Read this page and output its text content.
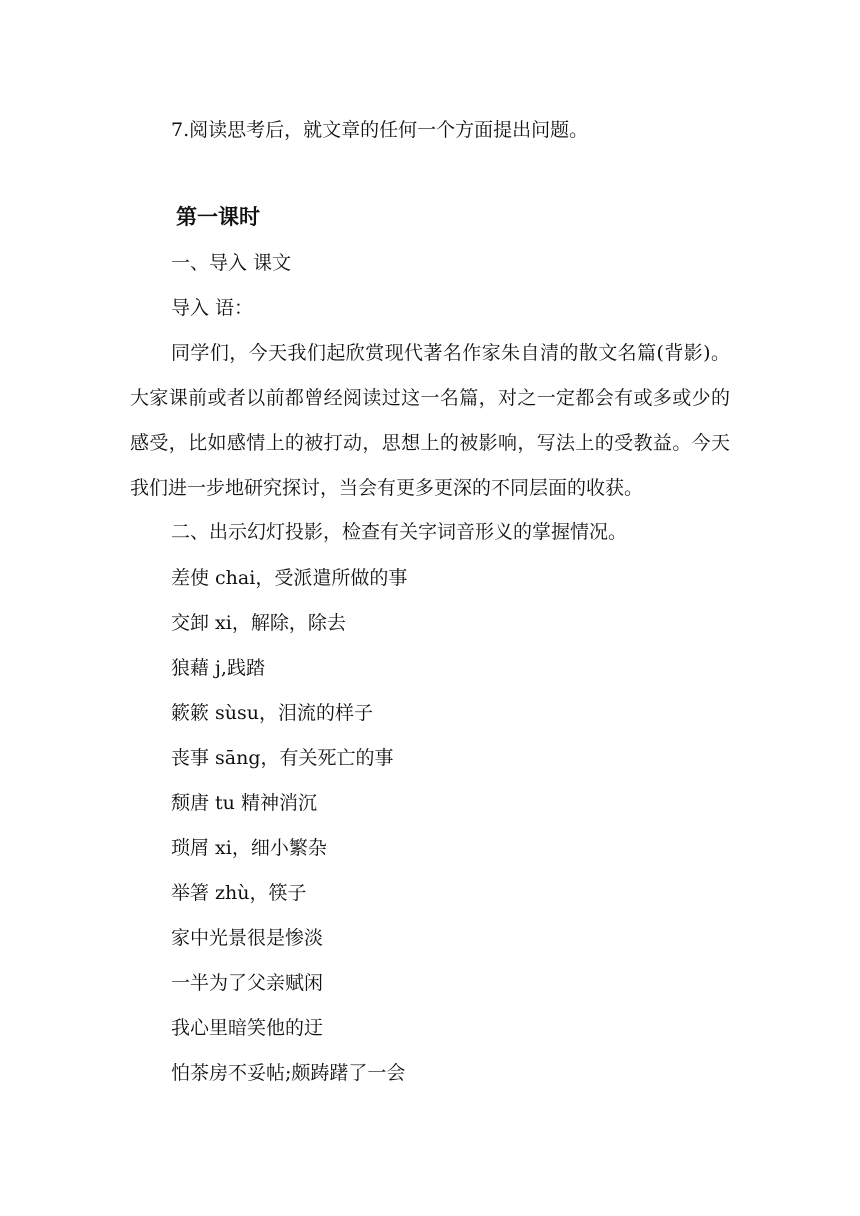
7.阅读思考后，就文章的任何一个方面提出问题。
第一课时
一、导入 课文
导入 语：
同学们，今天我们起欣赏现代著名作家朱自清的散文名篇(背影)。大家课前或者以前都曾经阅读过这一名篇，对之一定都会有或多或少的感受，比如感情上的被打动，思想上的被影响，写法上的受教益。今天我们进一步地研究探讨，当会有更多更深的不同层面的收获。
二、出示幻灯投影，检查有关字词音形义的掌握情况。
差使 chai，受派遣所做的事
交卸 xi，解除，除去
狼藉 j,践踏
簌簌 sùsu，泪流的样子
丧事 sāng，有关死亡的事
颓唐 tu 精神消沉
琐屑 xi，细小繁杂
举箸 zhù，筷子
家中光景很是惨淡
一半为了父亲赋闲
我心里暗笑他的迂
怕茶房不妥帖;颇踌躇了一会
